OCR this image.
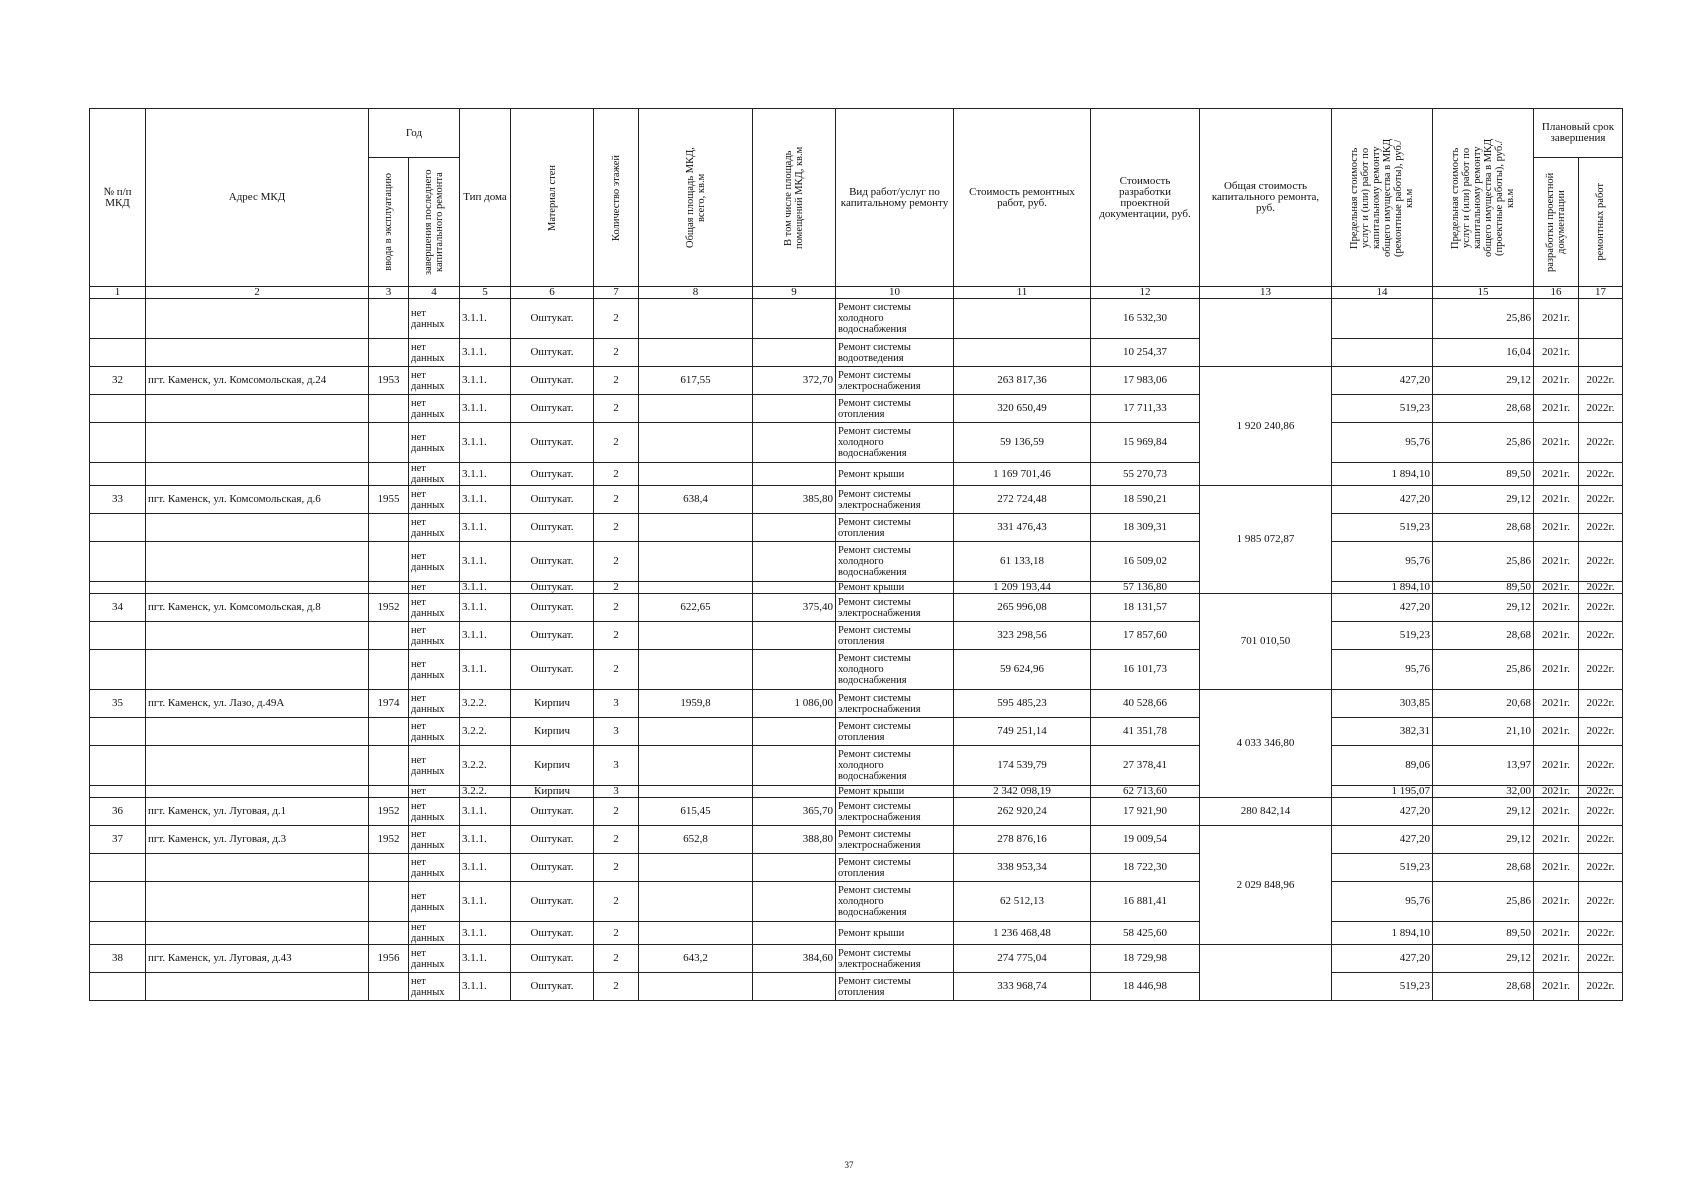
№ п/п МКД	Адрес МКД	Год		Тип дома	Материал стен	Количество этажей	Общая площадь МКД, всего, кв.м	В том числе площадь помещений МКД, кв.м	Вид работ/услуг по капитальному ремонту	Стоимость ремонтных работ, руб.	Стоимость разработки проектной документации, руб.	Общая стоимость капитального ремонта, руб.	Предельная стоимость услуг и (или) работ по капитальному ремонту общего имущества в МКД (ремонтные работы), руб./кв.м	Предельная стоимость услуг и (или) работ по капитальному ремонту общего имущества в МКД (проектные работы), руб./кв.м	Плановый срок завершения	

		ввода в эксплуатацию	завершения последнего капитального ремонта												разработки проектной документации	ремонтных работ

1	2	3	4	5	6	7	8	9	10	11	12	13	14	15	16	17
			нет данных	3.1.1.	Оштукат.	2			Ремонт системы холодного водоснабжения		16 532,30			25,86	2021г.	
			нет данных	3.1.1.	Оштукат.	2			Ремонт системы водоотведения		10 254,37			16,04	2021г.	
32	пгт. Каменск, ул. Комсомольская, д.24	1953	нет данных	3.1.1.	Оштукат.	2	617,55	372,70	Ремонт системы электроснабжения	263 817,36	17 983,06	1 920 240,86	427,20	29,12	2021г.	2022г.
			нет данных	3.1.1.	Оштукат.	2			Ремонт системы отопления	320 650,49	17 711,33		519,23	28,68	2021г.	2022г.
			нет данных	3.1.1.	Оштукат.	2			Ремонт системы холодного водоснабжения	59 136,59	15 969,84		95,76	25,86	2021г.	2022г.
			нет данных	3.1.1.	Оштукат.	2			Ремонт крыши	1 169 701,46	55 270,73		1 894,10	89,50	2021г.	2022г.
33	пгт. Каменск, ул. Комсомольская, д.6	1955	нет данных	3.1.1.	Оштукат.	2	638,4	385,80	Ремонт системы электроснабжения	272 724,48	18 590,21	1 985 072,87	427,20	29,12	2021г.	2022г.
			нет данных	3.1.1.	Оштукат.	2			Ремонт системы отопления	331 476,43	18 309,31		519,23	28,68	2021г.	2022г.
			нет данных	3.1.1.	Оштукат.	2			Ремонт системы холодного водоснабжения	61 133,18	16 509,02		95,76	25,86	2021г.	2022г.
			нет	3.1.1.	Оштукат.	2			Ремонт крыши	1 209 193,44	57 136,80		1 894,10	89,50	2021г.	2022г.
34	пгт. Каменск, ул. Комсомольская, д.8	1952	нет данных	3.1.1.	Оштукат.	2	622,65	375,40	Ремонт системы электроснабжения	265 996,08	18 131,57	701 010,50	427,20	29,12	2021г.	2022г.
			нет данных	3.1.1.	Оштукат.	2			Ремонт системы отопления	323 298,56	17 857,60		519,23	28,68	2021г.	2022г.
			нет данных	3.1.1.	Оштукат.	2			Ремонт системы холодного водоснабжения	59 624,96	16 101,73		95,76	25,86	2021г.	2022г.
35	пгт. Каменск, ул. Лазо, д.49А	1974	нет данных	3.2.2.	Кирпич	3	1959,8	1 086,00	Ремонт системы электроснабжения	595 485,23	40 528,66	4 033 346,80	303,85	20,68	2021г.	2022г.
			нет данных	3.2.2.	Кирпич	3			Ремонт системы отопления	749 251,14	41 351,78		382,31	21,10	2021г.	2022г.
			нет данных	3.2.2.	Кирпич	3			Ремонт системы холодного водоснабжения	174 539,79	27 378,41		89,06	13,97	2021г.	2022г.
			нет	3.2.2.	Кирпич	3			Ремонт крыши	2 342 098,19	62 713,60		1 195,07	32,00	2021г.	2022г.
36	пгт. Каменск, ул. Луговая, д.1	1952	нет данных	3.1.1.	Оштукат.	2	615,45	365,70	Ремонт системы электроснабжения	262 920,24	17 921,90	280 842,14	427,20	29,12	2021г.	2022г.
37	пгт. Каменск, ул. Луговая, д.3	1952	нет данных	3.1.1.	Оштукат.	2	652,8	388,80	Ремонт системы электроснабжения	278 876,16	19 009,54	2 029 848,96	427,20	29,12	2021г.	2022г.
			нет данных	3.1.1.	Оштукат.	2			Ремонт системы отопления	338 953,34	18 722,30		519,23	28,68	2021г.	2022г.
			нет данных	3.1.1.	Оштукат.	2			Ремонт системы холодного водоснабжения	62 512,13	16 881,41		95,76	25,86	2021г.	2022г.
			нет данных	3.1.1.	Оштукат.	2			Ремонт крыши	1 236 468,48	58 425,60		1 894,10	89,50	2021г.	2022г.
38	пгт. Каменск, ул. Луговая, д.43	1956	нет данных	3.1.1.	Оштукат.	2	643,2	384,60	Ремонт системы электроснабжения	274 775,04	18 729,98		427,20	29,12	2021г.	2022г.
			нет данных	3.1.1.	Оштукат.	2			Ремонт системы отопления	333 968,74	18 446,98		519,23	28,68	2021г.	2022г.
37
